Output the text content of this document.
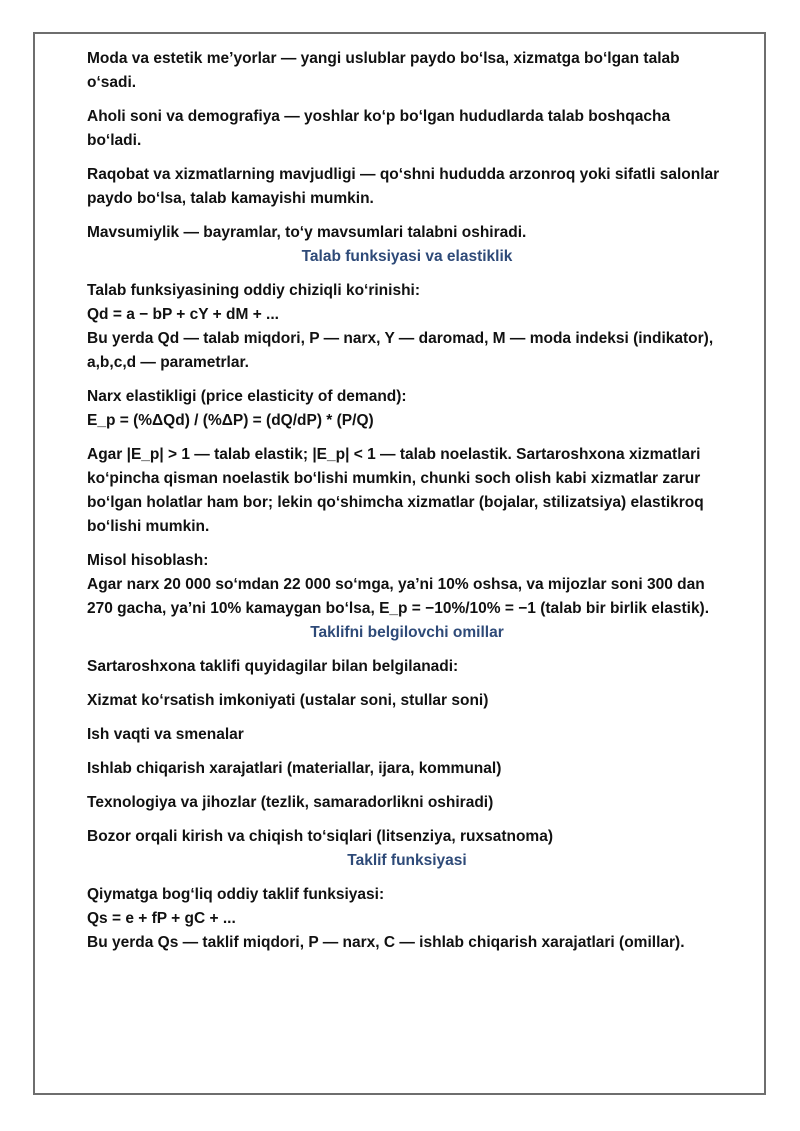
Moda va estetik me’yorlar — yangi uslublar paydo bo‘lsa, xizmatga bo‘lgan talab o‘sadi.

Aholi soni va demografiya — yoshlar ko‘p bo‘lgan hududlarda talab boshqacha bo‘ladi.

Raqobat va xizmatlarning mavjudligi — qo‘shni hududda arzonroq yoki sifatli salonlar paydo bo‘lsa, talab kamayishi mumkin.

Mavsumiylik — bayramlar, to‘y mavsumlari talabni oshiradi.

Talab funksiyasi va elastiklik

Talab funksiyasining oddiy chiziqli ko‘rinishi:

Qd = a − bP + cY + dM + ...

Bu yerda Qd — talab miqdori, P — narx, Y — daromad, M — moda indeksi (indikator), a,b,c,d — parametrlar.

Narx elastikligi (price elasticity of demand):

E_p = (%ΔQd) / (%ΔP) = (dQ/dP) * (P/Q)

Agar |E_p| > 1 — talab elastik; |E_p| < 1 — talab noelastik. Sartaroshxona xizmatlari ko‘pincha qisman noelastik bo‘lishi mumkin, chunki soch olish kabi xizmatlar zarur bo‘lgan holatlar ham bor; lekin qo‘shimcha xizmatlar (bojalar, stilizatsiya) elastikroq bo‘lishi mumkin.

Misol hisoblash:

Agar narx 20 000 so‘mdan 22 000 so‘mga, ya’ni 10% oshsa, va mijozlar soni 300 dan 270 gacha, ya’ni 10% kamaygan bo‘lsa, E_p = −10%/10% = −1 (talab bir birlik elastik).

Taklifni belgilovchi omillar

Sartaroshxona taklifi quyidagilar bilan belgilanadi:

Xizmat ko‘rsatish imkoniyati (ustalar soni, stullar soni)

Ish vaqti va smenalar

Ishlab chiqarish xarajatlari (materiallar, ijara, kommunal)

Texnologiya va jihozlar (tezlik, samaradorlikni oshiradi)

Bozor orqali kirish va chiqish to‘siqlari (litsenziya, ruxsatnoma)

Taklif funksiyasi

Qiymatga bog‘liq oddiy taklif funksiyasi:

Qs = e + fP + gC + ...

Bu yerda Qs — taklif miqdori, P — narx, C — ishlab chiqarish xarajatlari (omillar).
